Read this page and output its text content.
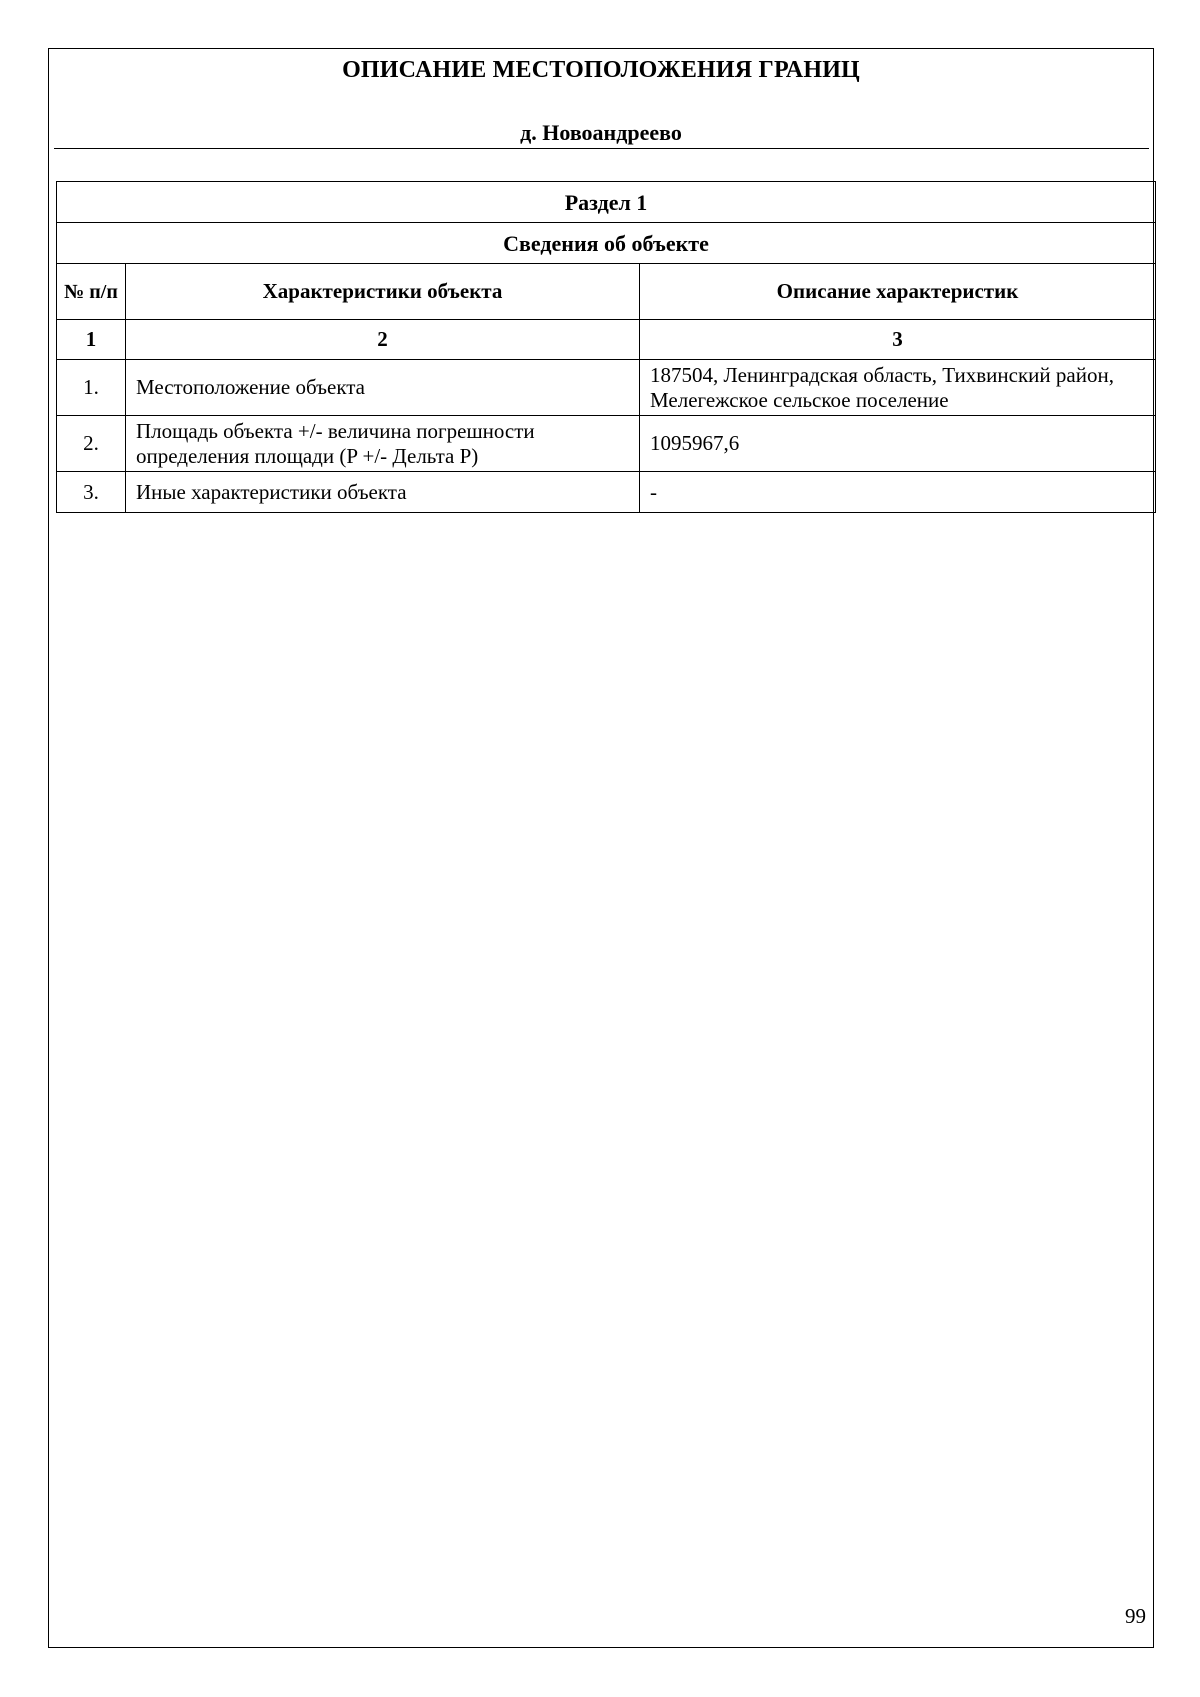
ОПИСАНИЕ МЕСТОПОЛОЖЕНИЯ ГРАНИЦ
д. Новоандреево
Раздел 1		
Сведения об объекте		
№ п/п	Характеристики объекта	Описание характеристик
1	2	3
1.	Местоположение объекта	187504, Ленинградская область, Тихвинский район, Мелегежское сельское поселение
2.	Площадь объекта +/- величина погрешности определения площади (P +/- Дельта P)	1095967,6
3.	Иные характеристики объекта	-
99
